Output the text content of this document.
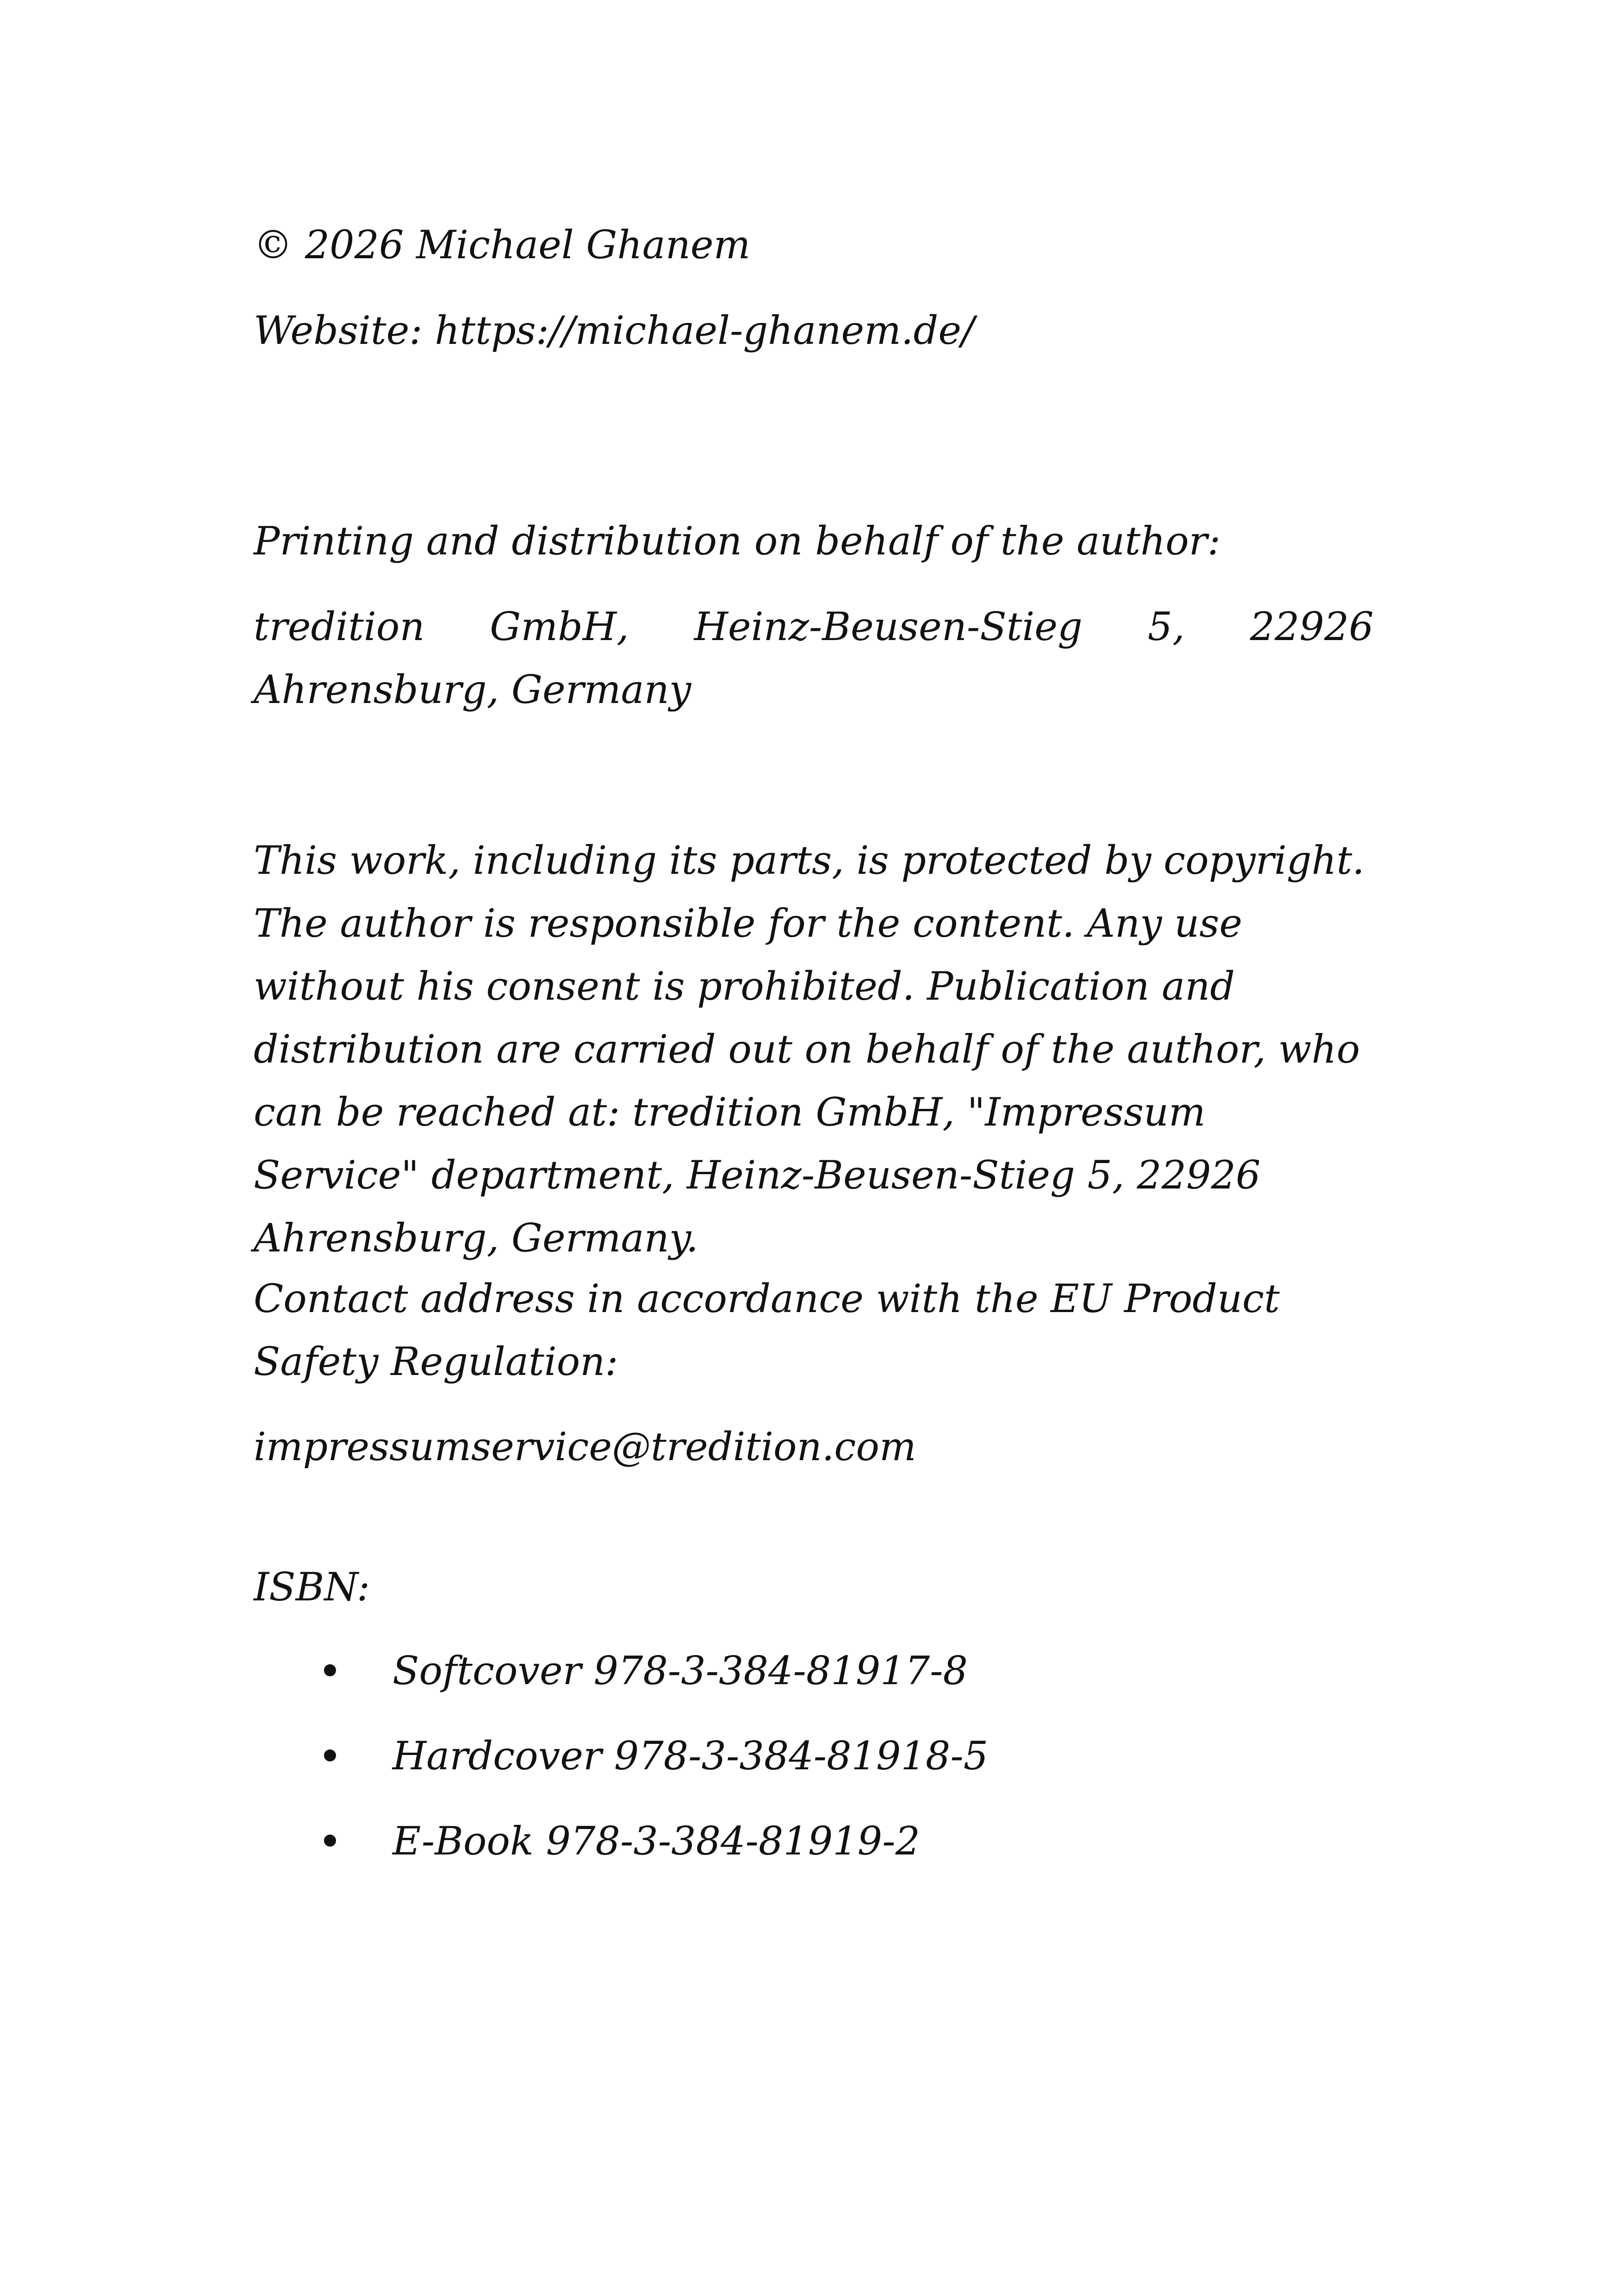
© 2026 Michael Ghanem

Website: https://michael-ghanem.de/

Printing and distribution on behalf of the author:

tredition GmbH, Heinz-Beusen-Stieg 5, 22926 Ahrensburg, Germany

This work, including its parts, is protected by copyright. The author is responsible for the content. Any use without his consent is prohibited. Publication and distribution are carried out on behalf of the author, who can be reached at: tredition GmbH, "Impressum Service" department, Heinz-Beusen-Stieg 5, 22926 Ahrensburg, Germany.

Contact address in accordance with the EU Product Safety Regulation:

impressumservice@tredition.com

ISBN:

Softcover 978-3-384-81917-8
Hardcover 978-3-384-81918-5
E-Book 978-3-384-81919-2
